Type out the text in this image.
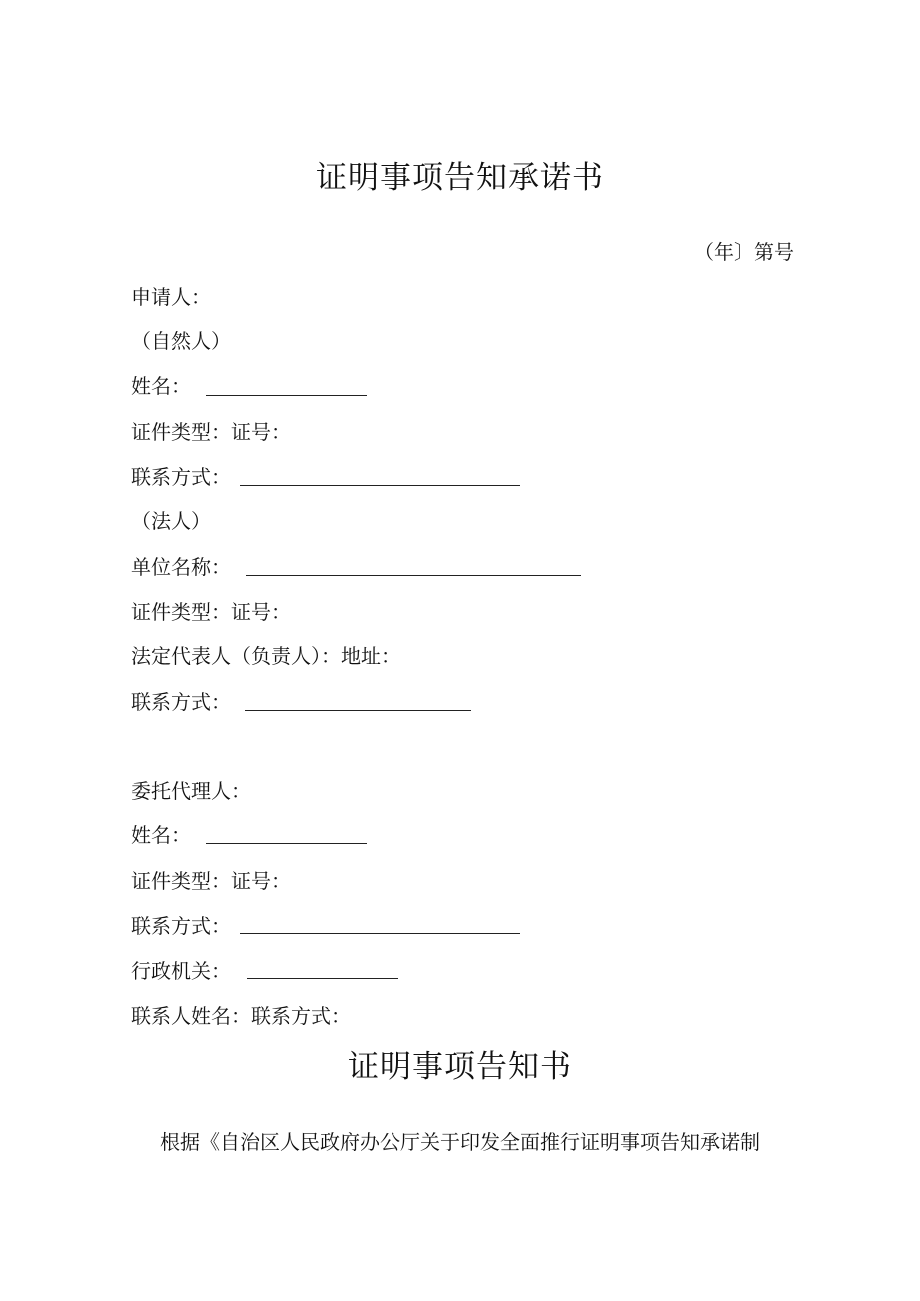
证明事项告知承诺书
（年〕第号
申请人：
（自然人）
姓名：
证件类型：证号：
联系方式：
（法人）
单位名称：
证件类型：证号：
法定代表人（负责人）：地址：
联系方式：
委托代理人：
姓名：
证件类型：证号：
联系方式：
行政机关：
联系人姓名：联系方式：
证明事项告知书
根据《自治区人民政府办公厅关于印发全面推行证明事项告知承诺制
